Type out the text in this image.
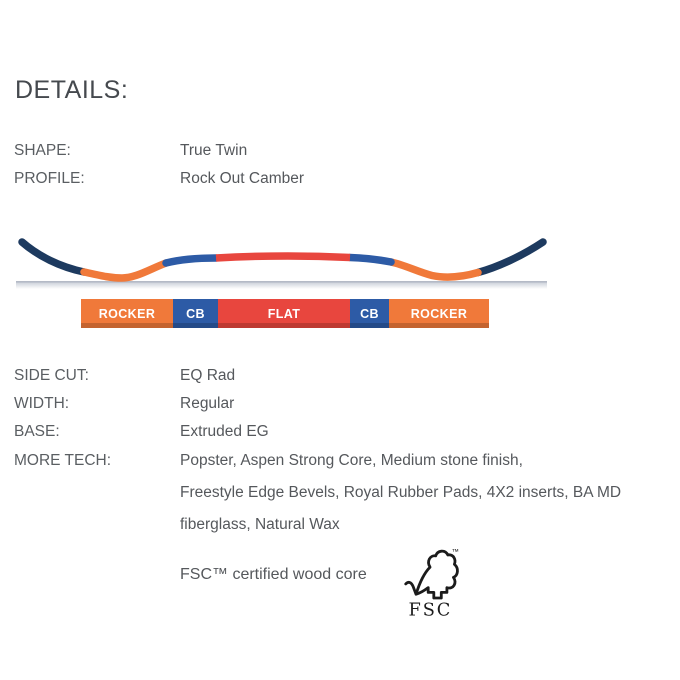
DETAILS:
SHAPE:	True Twin
PROFILE:	Rock Out Camber
ROCKER CB	FLAT	CB	ROCKER
SIDE CUT:	EQ Rad
WIDTH:	Regular
BASE:	Extruded EG
MORE TECH:	Popster, Aspen Strong Core, Medium stone finish,
Freestyle Edge Bevels, Royal Rubber Pads, 4X2 inserts, BA MD
fiberglass, Natural Wax
FSC™ certified wood core
™
FSC
